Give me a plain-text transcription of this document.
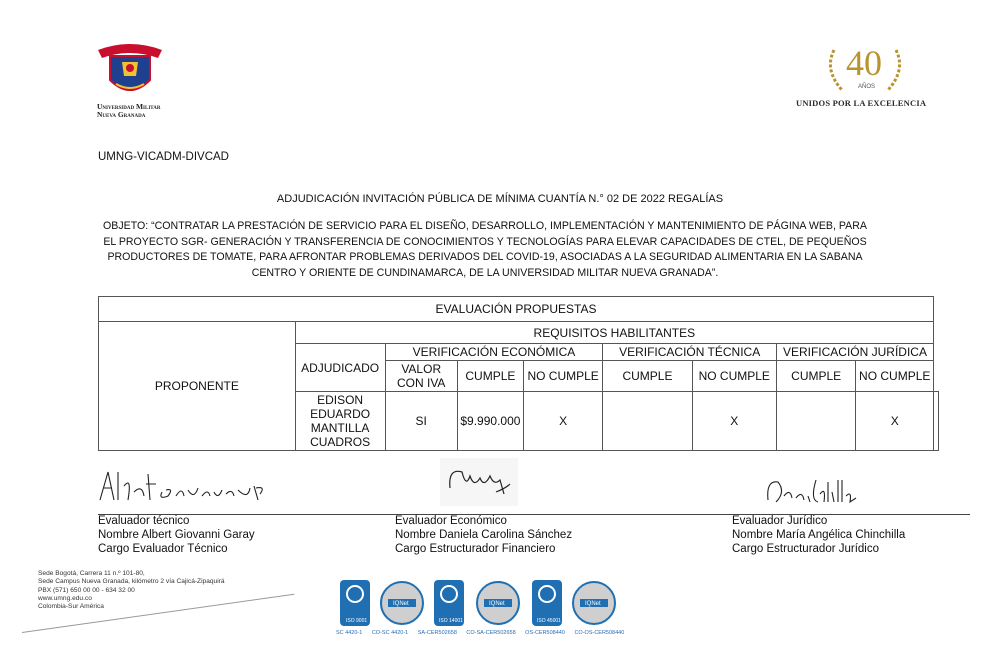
Universidad Militar
Nueva Granada
40
AÑOS
UNIDOS POR LA EXCELENCIA
UMNG-VICADM-DIVCAD
ADJUDICACIÓN INVITACIÓN PÚBLICA DE MÍNIMA CUANTÍA N.° 02 DE 2022 REGALÍAS
OBJETO: “CONTRATAR LA PRESTACIÓN DE SERVICIO PARA EL DISEÑO, DESARROLLO, IMPLEMENTACIÓN Y MANTENIMIENTO DE PÁGINA WEB, PARA EL PROYECTO SGR- GENERACIÓN Y TRANSFERENCIA DE CONOCIMIENTOS Y TECNOLOGÍAS PARA ELEVAR CAPACIDADES DE CTEL, DE PEQUEÑOS PRODUCTORES DE TOMATE, PARA AFRONTAR PROBLEMAS DERIVADOS DEL COVID-19, ASOCIADAS A LA SEGURIDAD ALIMENTARIA EN LA SABANA CENTRO Y ORIENTE DE CUNDINAMARCA, DE LA UNIVERSIDAD MILITAR NUEVA GRANADA”.
EVALUACIÓN PROPUESTAS									
PROPONENTE	REQUISITOS HABILITANTES								
	ADJUDICADO	VERIFICACIÓN ECONÓMICA			VERIFICACIÓN TÉCNICA		VERIFICACIÓN JURÍDICA		
		VALOR CON IVA	CUMPLE	NO CUMPLE	CUMPLE	NO CUMPLE	CUMPLE	NO CUMPLE	
	EDISON EDUARDO MANTILLA CUADROS	SI	$9.990.000	X		X		X	
Evaluador técnico
Nombre Albert Giovanni Garay
Cargo Evaluador Técnico
Evaluador Económico
Nombre Daniela Carolina Sánchez
Cargo Estructurador Financiero
Evaluador Jurídico
Nombre María Angélica Chinchilla
Cargo Estructurador Jurídico
Sede Bogotá, Carrera 11 n.º 101-80,
Sede Campus Nueva Granada, kilómetro 2 vía Cajicá-Zipaquirá
PBX (571) 650 00 00 - 634 32 00
www.umng.edu.co
Colombia-Sur América
ISO 9001
IQNet
ISO 14001
IQNet
ISO 45001
IQNet
SC 4420-1 CO-SC 4420-1 SA-CER502658 CO-SA-CER502658 OS-CER508440 CO-OS-CER508440
